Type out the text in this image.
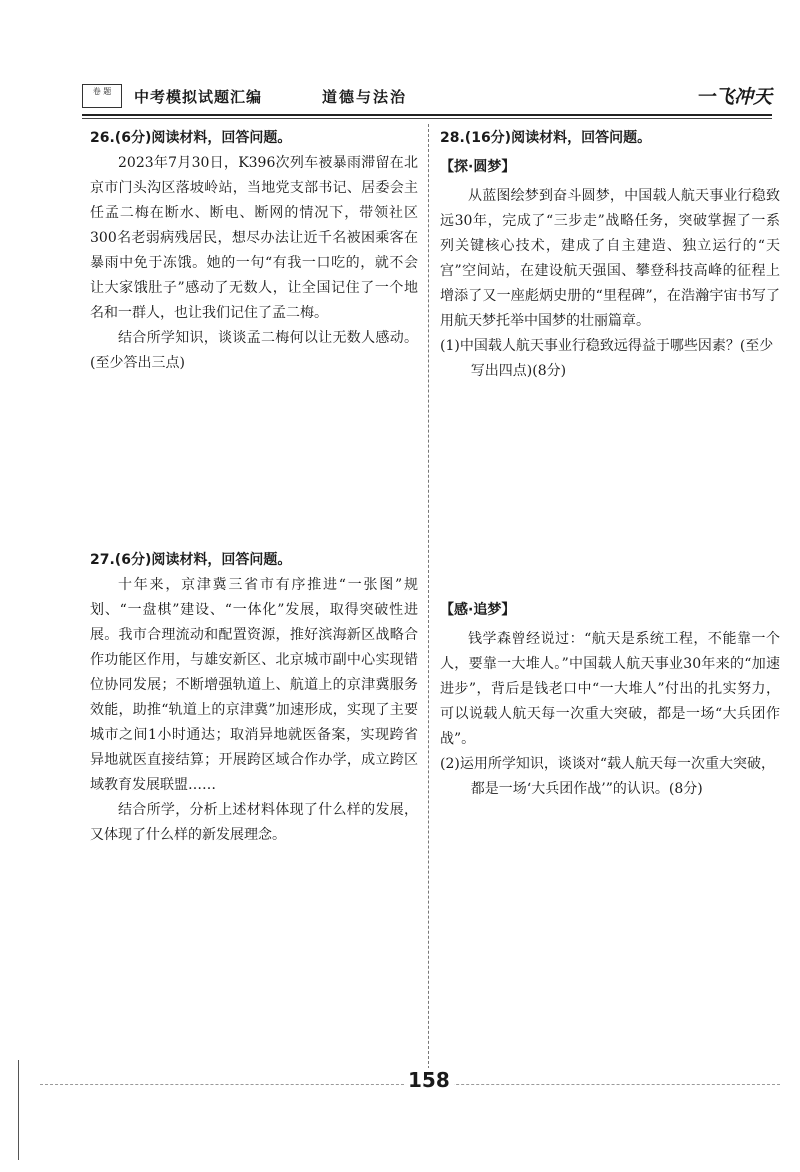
卷 题	中考模拟试题汇编	道德与法治	一飞冲天

26.(6分)阅读材料，回答问题。

2023年7月30日，K396次列车被暴雨滞留在北京市门头沟区落坡岭站，当地党支部书记、居委会主任孟二梅在断水、断电、断网的情况下，带领社区300名老弱病残居民，想尽办法让近千名被困乘客在暴雨中免于冻饿。她的一句“有我一口吃的，就不会让大家饿肚子”感动了无数人，让全国记住了一个地名和一群人，也让我们记住了孟二梅。

结合所学知识，谈谈孟二梅何以让无数人感动。(至少答出三点)

27.(6分)阅读材料，回答问题。

十年来，京津冀三省市有序推进“一张图”规划、“一盘棋”建设、“一体化”发展，取得突破性进展。我市合理流动和配置资源，推好滨海新区战略合作功能区作用，与雄安新区、北京城市副中心实现错位协同发展；不断增强轨道上、航道上的京津冀服务效能，助推“轨道上的京津冀”加速形成，实现了主要城市之间1小时通达；取消异地就医备案，实现跨省异地就医直接结算；开展跨区域合作办学，成立跨区域教育发展联盟……

结合所学，分析上述材料体现了什么样的发展，又体现了什么样的新发展理念。

28.(16分)阅读材料，回答问题。

【探·圆梦】

从蓝图绘梦到奋斗圆梦，中国载人航天事业行稳致远30年，完成了“三步走”战略任务，突破掌握了一系列关键核心技术，建成了自主建造、独立运行的“天宫”空间站，在建设航天强国、攀登科技高峰的征程上增添了又一座彪炳史册的“里程碑”，在浩瀚宇宙书写了用航天梦托举中国梦的壮丽篇章。

(1)中国载人航天事业行稳致远得益于哪些因素？(至少写出四点)(8分)

【感·追梦】

钱学森曾经说过：“航天是系统工程，不能靠一个人，要靠一大堆人。”中国载人航天事业30年来的“加速进步”，背后是钱老口中“一大堆人”付出的扎实努力，可以说载人航天每一次重大突破，都是一场“大兵团作战”。

(2)运用所学知识，谈谈对“载人航天每一次重大突破，都是一场‘大兵团作战’”的认识。(8分)

158
